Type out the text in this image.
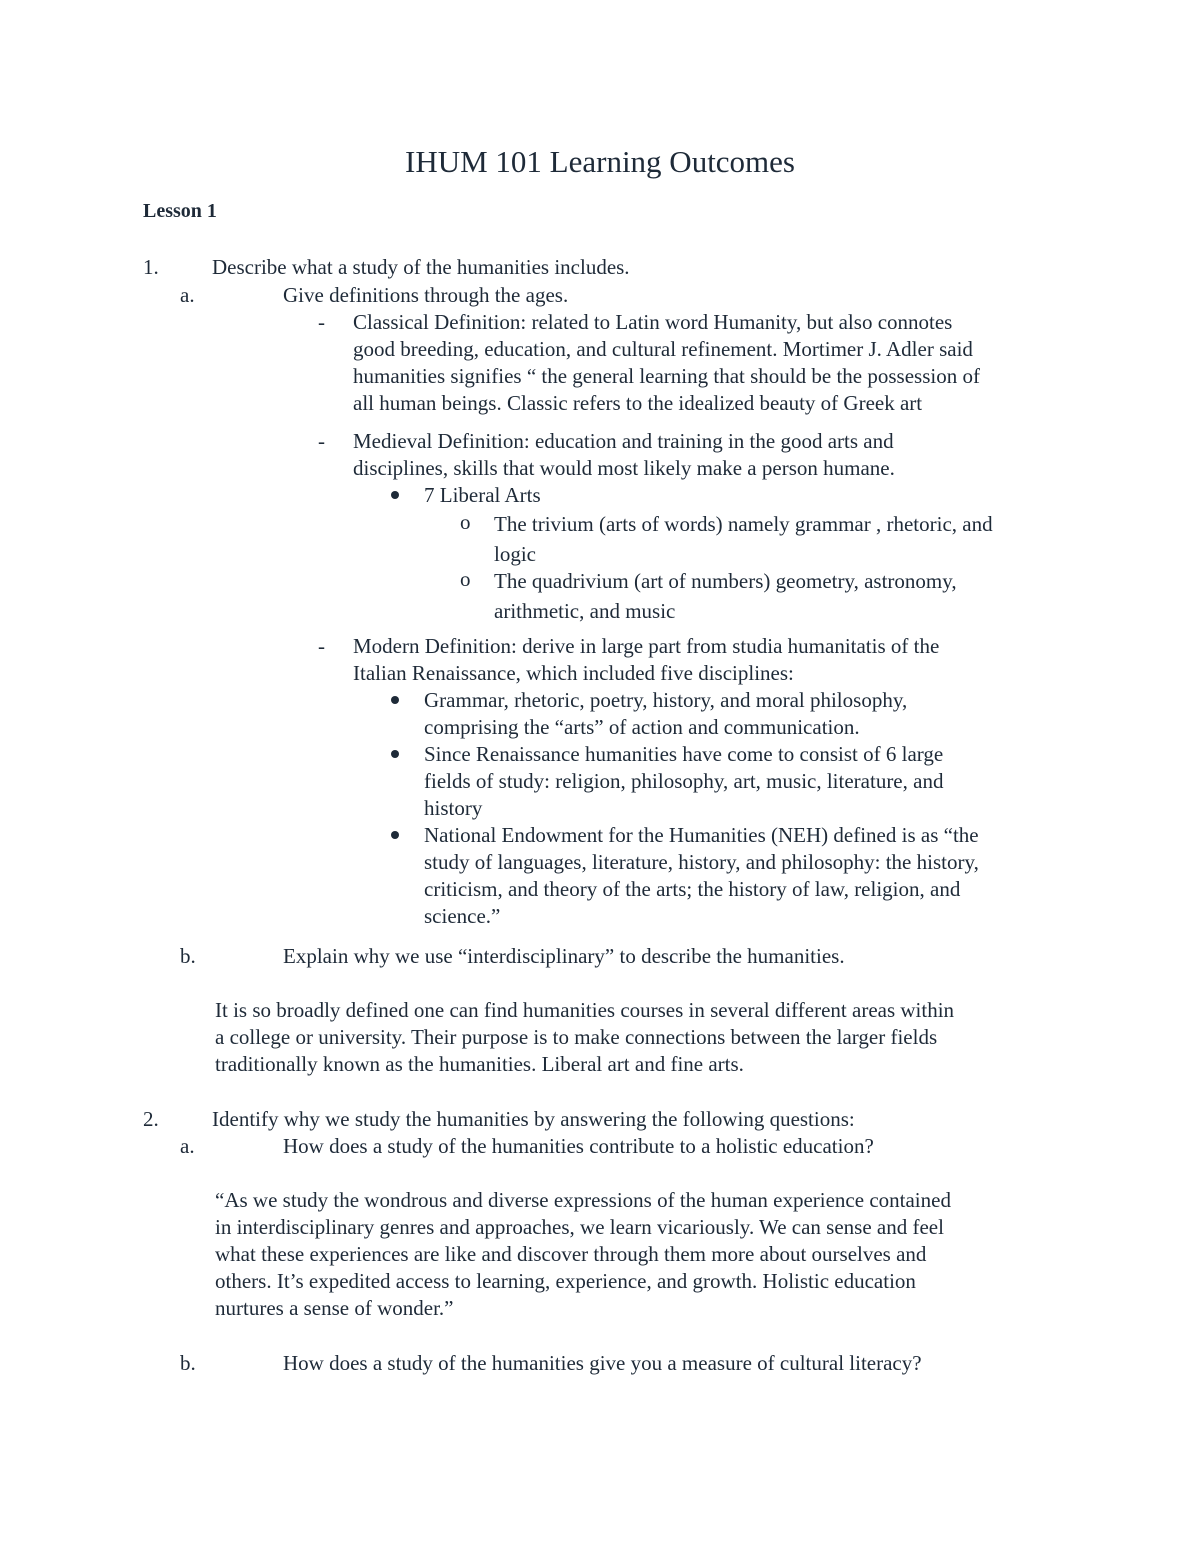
IHUM 101 Learning Outcomes
Lesson 1
1.	Describe what a study of the humanities includes.
a.	Give definitions through the ages.
- Classical Definition: related to Latin word Humanity, but also connotes
good breeding, education, and cultural refinement. Mortimer J. Adler said
humanities signifies “ the general learning that should be the possession of
all human beings. Classic refers to the idealized beauty of Greek art
- Medieval Definition: education and training in the good arts and
disciplines, skills that would most likely make a person humane.
7 Liberal Arts
o The trivium (arts of words) namely grammar , rhetoric, and
logic
o The quadrivium (art of numbers) geometry, astronomy,
arithmetic, and music
- Modern Definition: derive in large part from studia humanitatis of the
Italian Renaissance, which included five disciplines:
Grammar, rhetoric, poetry, history, and moral philosophy,
comprising the “arts” of action and communication.
Since Renaissance humanities have come to consist of 6 large
fields of study: religion, philosophy, art, music, literature, and
history
National Endowment for the Humanities (NEH) defined is as “the
study of languages, literature, history, and philosophy: the history,
criticism, and theory of the arts; the history of law, religion, and
science.”
b.	Explain why we use “interdisciplinary” to describe the humanities.
It is so broadly defined one can find humanities courses in several different areas within
a college or university. Their purpose is to make connections between the larger fields
traditionally known as the humanities. Liberal art and fine arts.
2.	Identify why we study the humanities by answering the following questions:
a.	How does a study of the humanities contribute to a holistic education?
“As we study the wondrous and diverse expressions of the human experience contained
in interdisciplinary genres and approaches, we learn vicariously. We can sense and feel
what these experiences are like and discover through them more about ourselves and
others. It’s expedited access to learning, experience, and growth. Holistic education
nurtures a sense of wonder.”
b.	How does a study of the humanities give you a measure of cultural literacy?
